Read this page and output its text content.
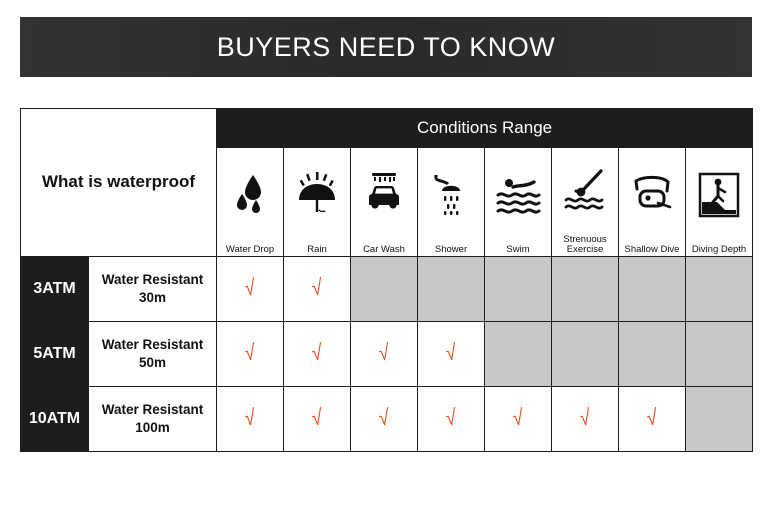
BUYERS NEED TO KNOW
What is waterproof		Conditions Range							

		Water Drop	Rain	Car Wash	Shower	Swim	Strenuous Exercise	Shallow Dive	Diving Depth

3ATM	Water Resistant 30m	√	√						
5ATM	Water Resistant 50m	√	√	√	√				
10ATM	Water Resistant 100m	√	√	√	√	√	√	√	
